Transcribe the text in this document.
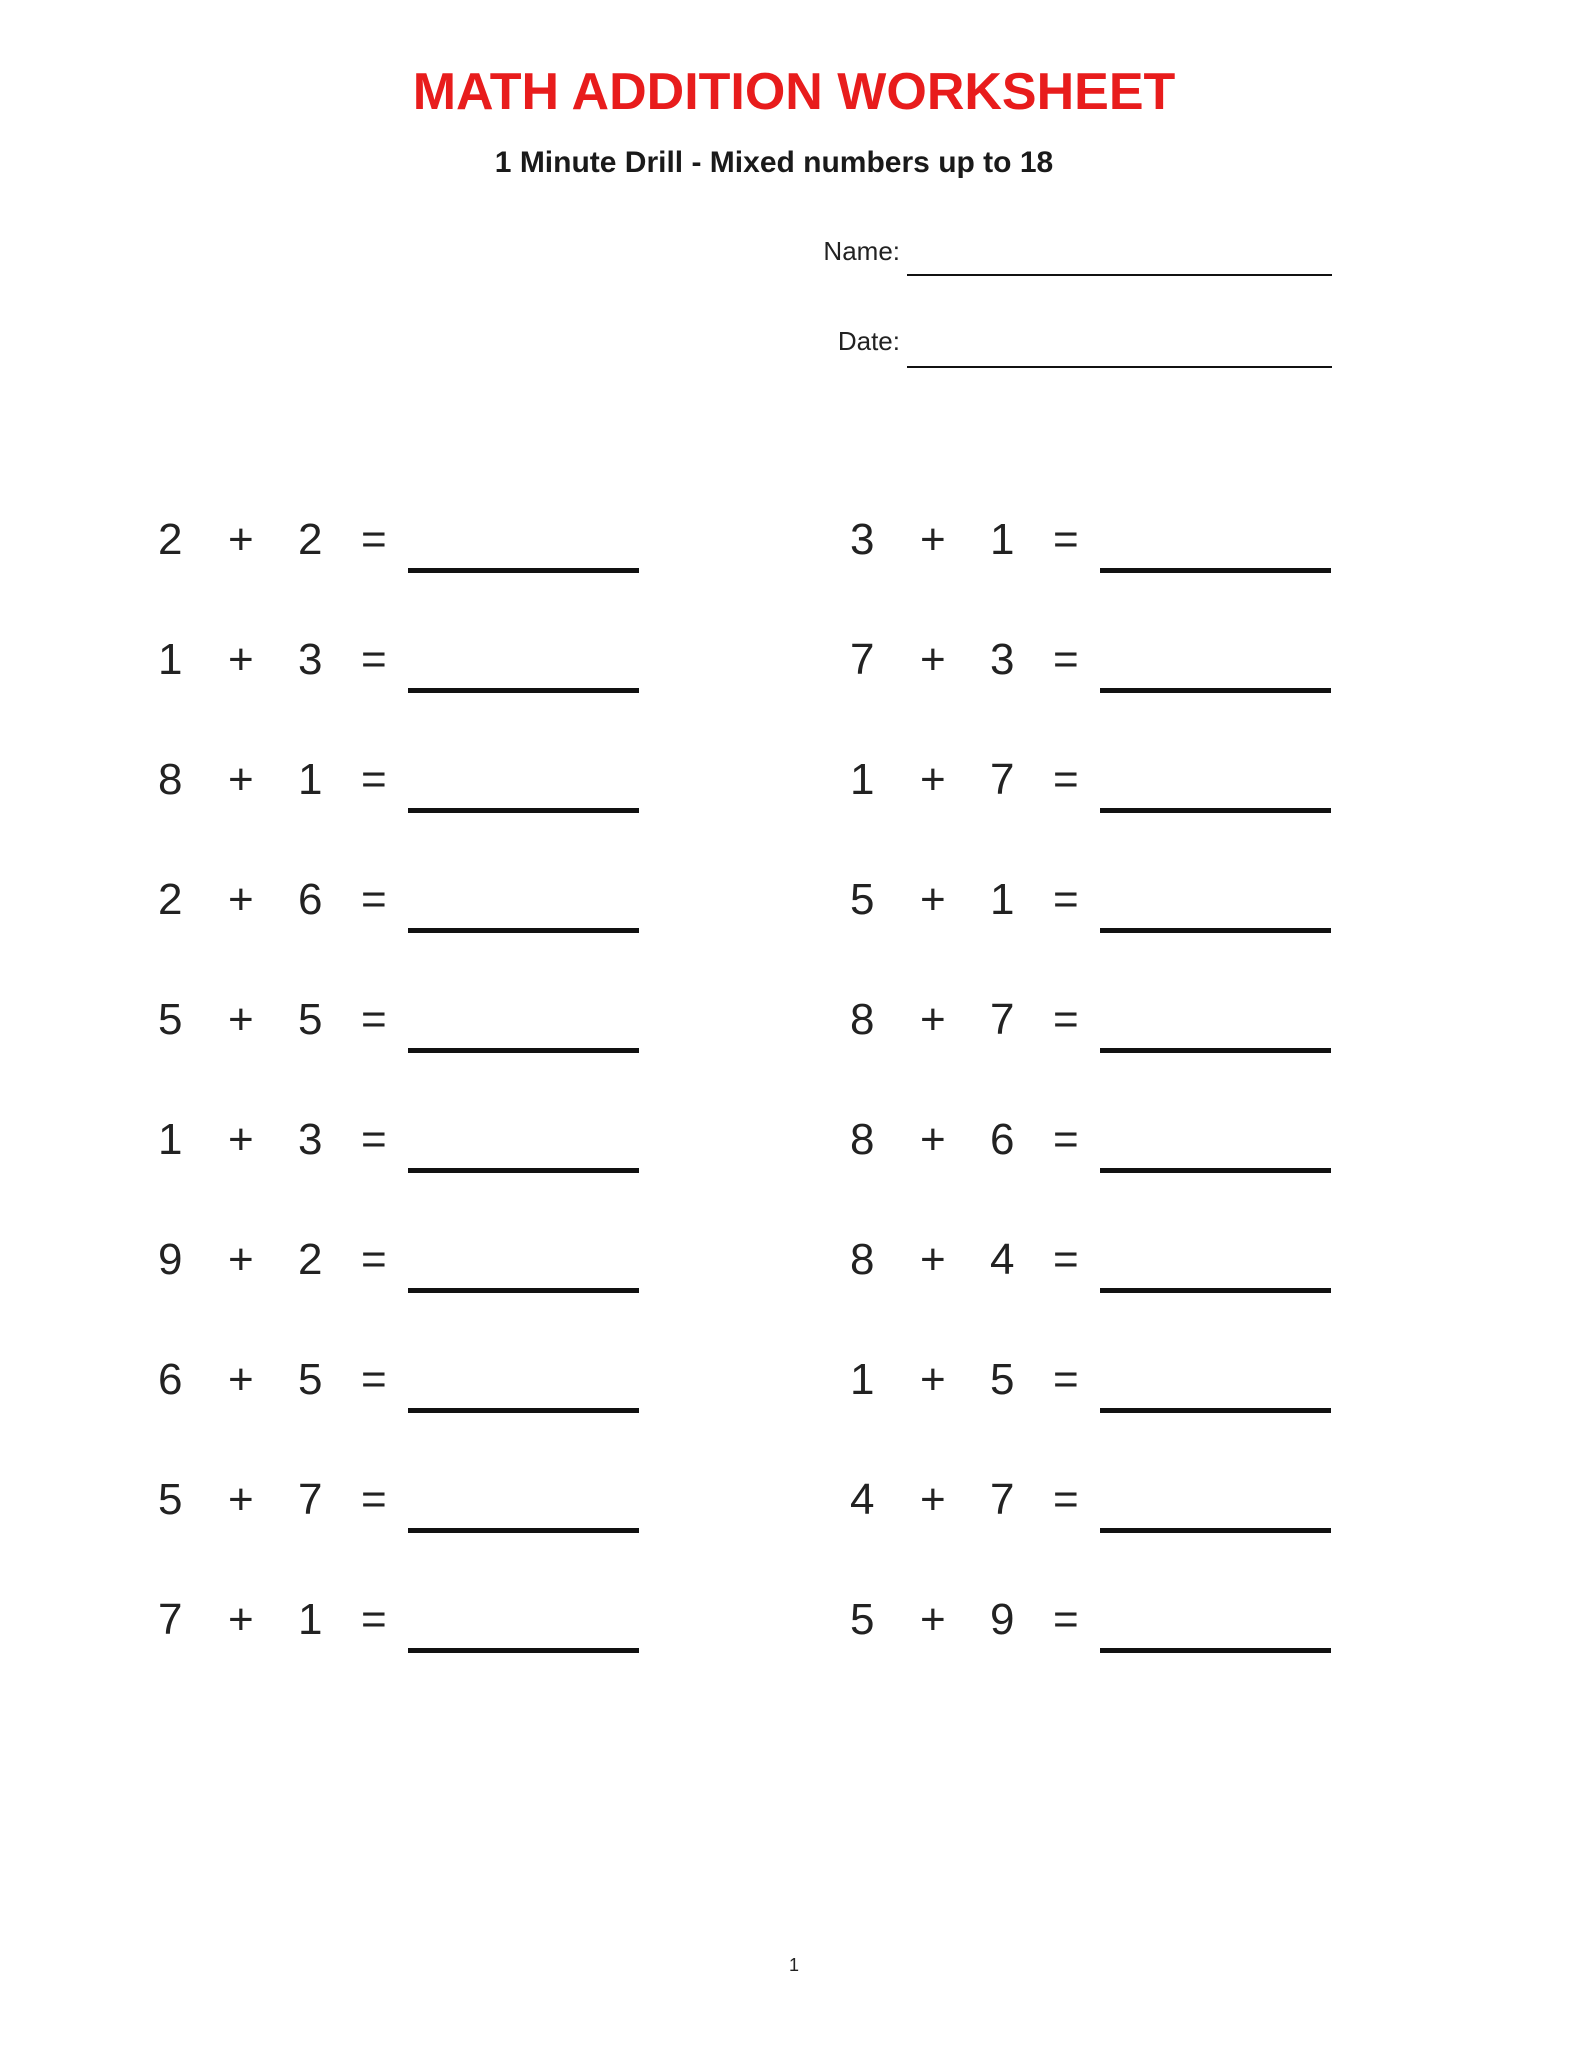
MATH ADDITION WORKSHEET
1 Minute Drill - Mixed numbers up to 18
Name:
Date:
2 + 2 =
1 + 3 =
8 + 1 =
2 + 6 =
5 + 5 =
1 + 3 =
9 + 2 =
6 + 5 =
5 + 7 =
7 + 1 =
3 + 1 =
7 + 3 =
1 + 7 =
5 + 1 =
8 + 7 =
8 + 6 =
8 + 4 =
1 + 5 =
4 + 7 =
5 + 9 =
1
